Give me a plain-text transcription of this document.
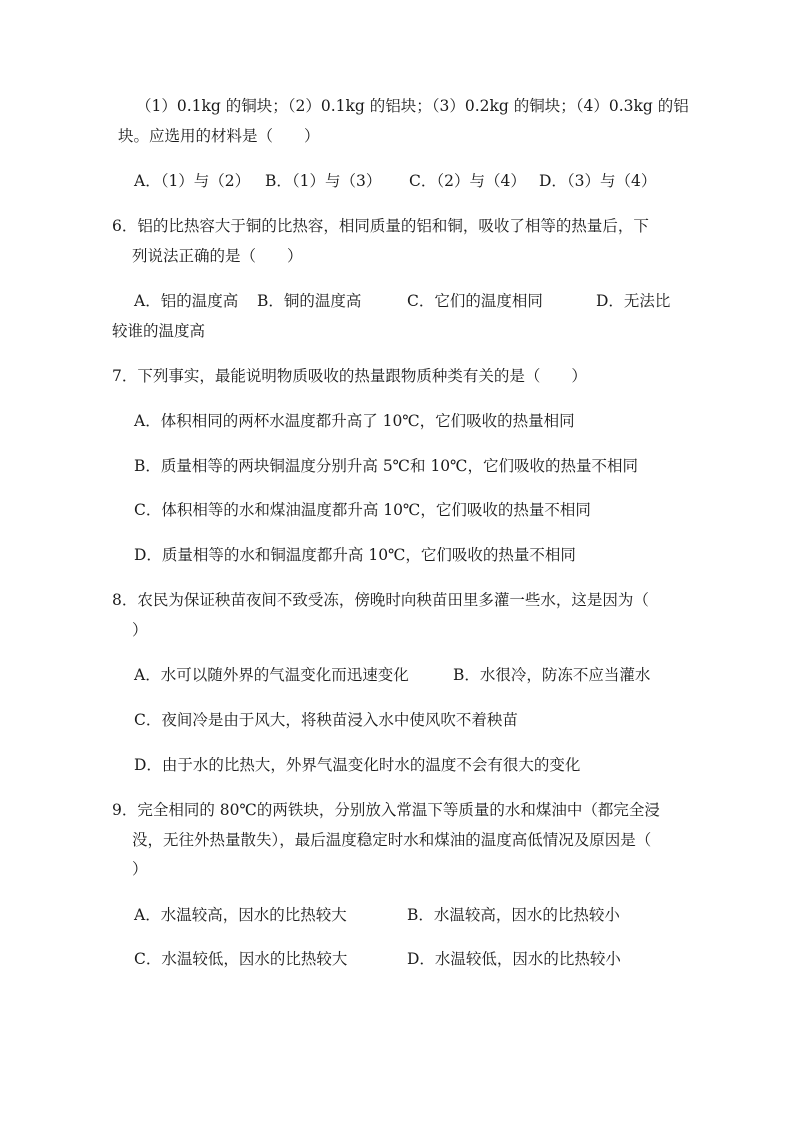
（1）0.1kg 的铜块；（2）0.1kg 的铝块；（3）0.2kg 的铜块；（4）0.3kg 的铝
块。应选用的材料是（　　）
A．（1）与（2） B．（1）与（3） C．（2）与（4） D．（3）与（4）
6．铝的比热容大于铜的比热容，相同质量的铝和铜，吸收了相等的热量后，下
列说法正确的是（　　）
A．铝的温度高 B．铜的温度高	C．它们的温度相同	D．无法比
较谁的温度高
7．下列事实，最能说明物质吸收的热量跟物质种类有关的是（　　）
A．体积相同的两杯水温度都升高了 10℃，它们吸收的热量相同
B．质量相等的两块铜温度分别升高 5℃和 10℃，它们吸收的热量不相同
C．体积相等的水和煤油温度都升高 10℃，它们吸收的热量不相同
D．质量相等的水和铜温度都升高 10℃，它们吸收的热量不相同
8．农民为保证秧苗夜间不致受冻，傍晚时向秧苗田里多灌一些水，这是因为（
）
A．水可以随外界的气温变化而迅速变化	B．水很冷，防冻不应当灌水
C．夜间冷是由于风大，将秧苗浸入水中使风吹不着秧苗
D．由于水的比热大，外界气温变化时水的温度不会有很大的变化
9．完全相同的 80℃的两铁块，分别放入常温下等质量的水和煤油中（都完全浸
没，无往外热量散失），最后温度稳定时水和煤油的温度高低情况及原因是（
）
A．水温较高，因水的比热较大	B．水温较高，因水的比热较小
C．水温较低，因水的比热较大	D．水温较低，因水的比热较小
